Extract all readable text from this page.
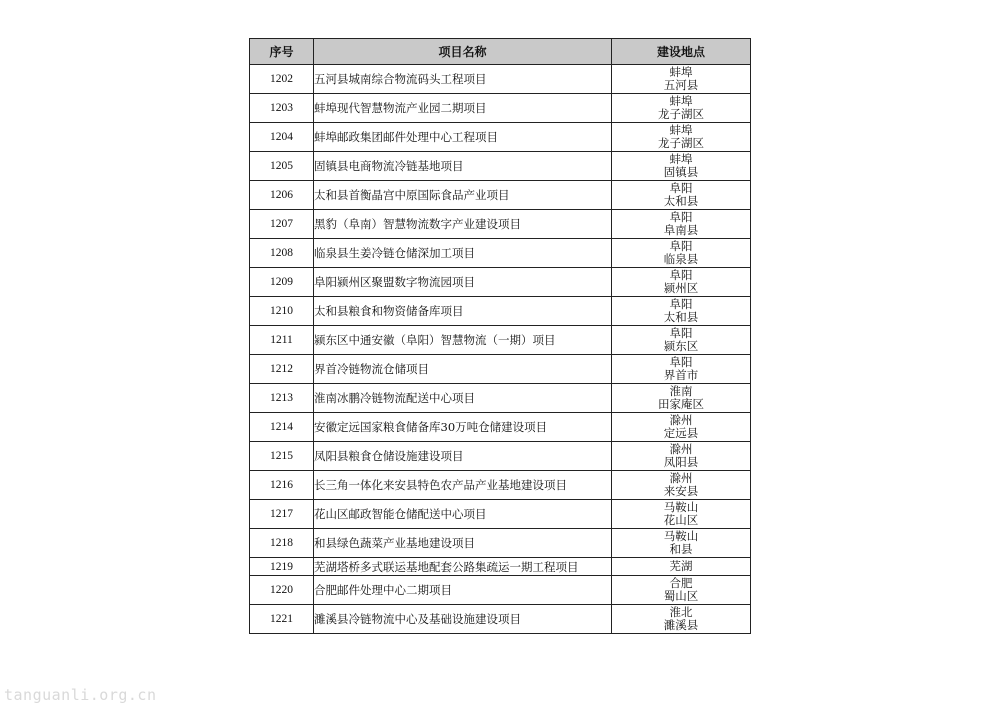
序号	项目名称	建设地点
1202	五河县城南综合物流码头工程项目	蚌埠
五河县

1203	蚌埠现代智慧物流产业园二期项目	蚌埠
龙子湖区

1204	蚌埠邮政集团邮件处理中心工程项目	蚌埠
龙子湖区

1205	固镇县电商物流冷链基地项目	蚌埠
固镇县

1206	太和县首衡晶宫中原国际食品产业项目	阜阳
太和县

1207	黑豹（阜南）智慧物流数字产业建设项目	阜阳
阜南县

1208	临泉县生姜冷链仓储深加工项目	阜阳
临泉县

1209	阜阳颍州区聚盟数字物流园项目	阜阳
颍州区

1210	太和县粮食和物资储备库项目	阜阳
太和县

1211	颍东区中通安徽（阜阳）智慧物流（一期）项目	阜阳
颍东区

1212	界首冷链物流仓储项目	阜阳
界首市

1213	淮南冰鹏冷链物流配送中心项目	淮南
田家庵区

1214	安徽定远国家粮食储备库30万吨仓储建设项目	滁州
定远县

1215	凤阳县粮食仓储设施建设项目	滁州
凤阳县

1216	长三角一体化来安县特色农产品产业基地建设项目	滁州
来安县

1217	花山区邮政智能仓储配送中心项目	马鞍山
花山区

1218	和县绿色蔬菜产业基地建设项目	马鞍山
和县

1219	芜湖塔桥多式联运基地配套公路集疏运一期工程项目	芜湖

1220	合肥邮件处理中心二期项目	合肥
蜀山区

1221	濉溪县冷链物流中心及基础设施建设项目	淮北
濉溪县
tanguanli.org.cn
